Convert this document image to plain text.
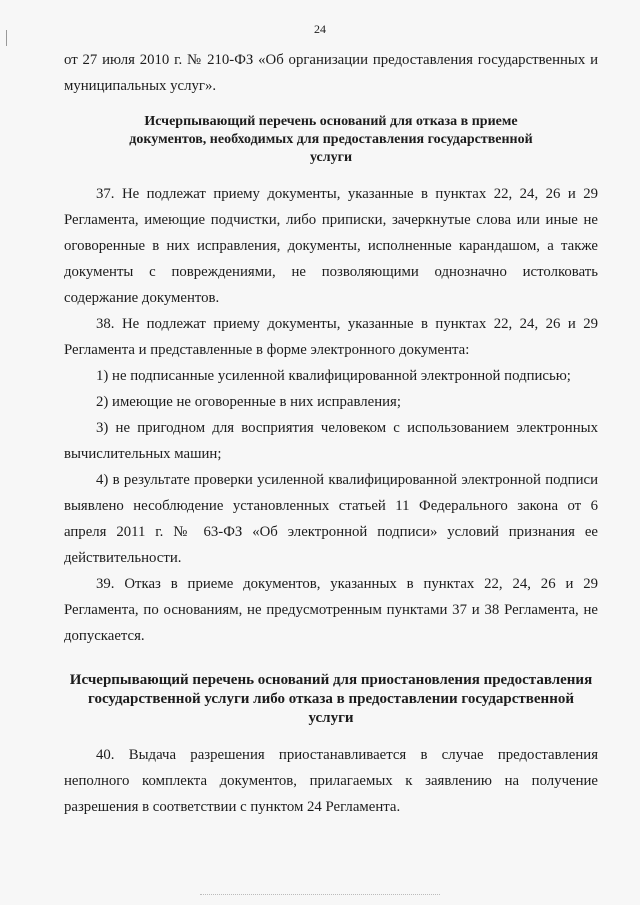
24

от 27 июля 2010 г. № 210-ФЗ «Об организации предоставления государственных и муниципальных услуг».

Исчерпывающий перечень оснований для отказа в приеме документов, необходимых для предоставления государственной услуги

37. Не подлежат приему документы, указанные в пунктах 22, 24, 26 и 29 Регламента, имеющие подчистки, либо приписки, зачеркнутые слова или иные не оговоренные в них исправления, документы, исполненные карандашом, а также документы с повреждениями, не позволяющими однозначно истолковать содержание документов.

38. Не подлежат приему документы, указанные в пунктах 22, 24, 26 и 29 Регламента и представленные в форме электронного документа:

1) не подписанные усиленной квалифицированной электронной подписью;

2) имеющие не оговоренные в них исправления;

3) не пригодном для восприятия человеком с использованием электронных вычислительных машин;

4) в результате проверки усиленной квалифицированной электронной подписи выявлено несоблюдение установленных статьей 11 Федерального закона от 6 апреля 2011 г. № 63-ФЗ «Об электронной подписи» условий признания ее действительности.

39. Отказ в приеме документов, указанных в пунктах 22, 24, 26 и 29 Регламента, по основаниям, не предусмотренным пунктами 37 и 38 Регламента, не допускается.

Исчерпывающий перечень оснований для приостановления предоставления государственной услуги либо отказа в предоставлении государственной услуги

40. Выдача разрешения приостанавливается в случае предоставления неполного комплекта документов, прилагаемых к заявлению на получение разрешения в соответствии с пунктом 24 Регламента.
